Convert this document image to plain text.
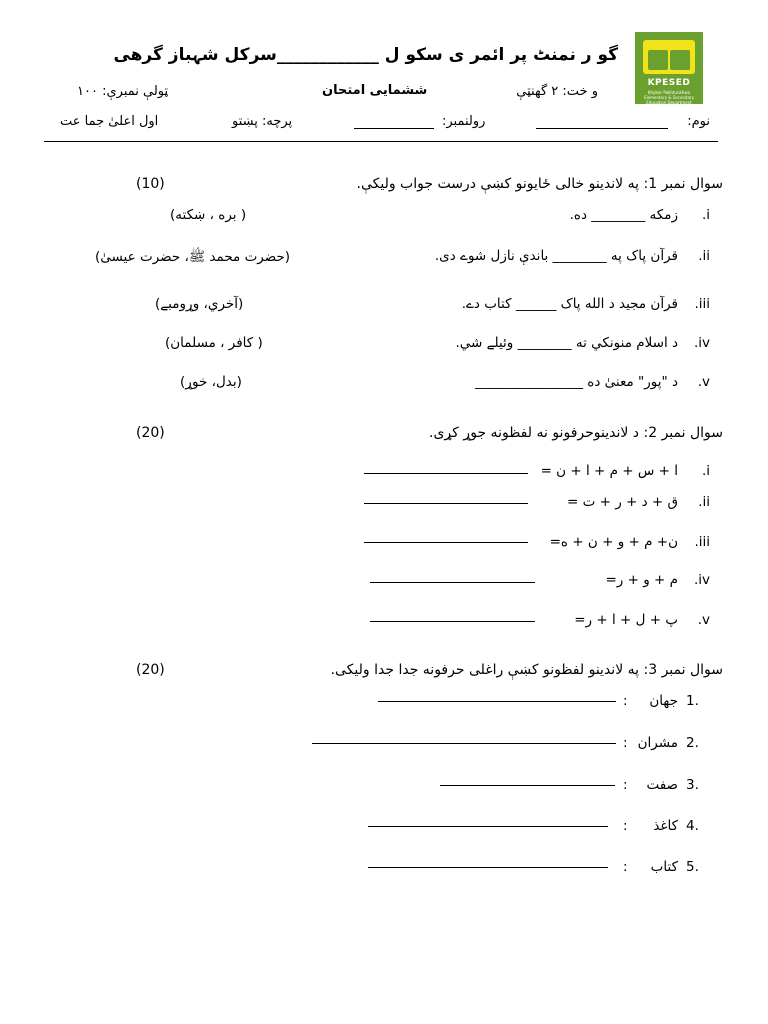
گو ر نمنٹ پر ائمر ی سکو ل ____________سرکل شہباز گرھی
KPESED
Khyber Pakhtunkhwa Elementary & Secondary Education Department
و خت: ۲ گهنټې
ششمایی امتحان
ټولې نمبرې: ۱۰۰
نوم:
رولنمبر:
پرچه: پښتو
اول اعلیٰ جما عت
سوال نمبر 1: په لاندینو خالی ځایونو کښې درست جواب ولیکې.
(10)
.i
زمکه ________ ده.
( بره ، ښکته)
.ii
قرآن پاک په ________ باندې نازل شوے دی.
(حضرت محمد ﷺ، حضرت عیسیٰ)
.iii
قرآن مجید د الله پاک ______ کتاب دے.
(آخري، وړومبے)
.iv
د اسلام منونکي ته ________ وئیلے شي.
( کافر ، مسلمان)
.v
د "پور" معنیٰ ده ________________
(بدل، خوړ)
سوال نمبر 2: د لاندینوحرفونو نه لفظونه جوړ کړی.
(20)
.i
ا + س + م + ا + ن =
.ii
ق + د + ر + ت =
.iii
ن+ م + و + ن + ه=
.iv
م + و + ر=
.v
پ + ل + ا + ر=
سوال نمبر 3: په لاندینو لفظونو کښې راغلی حرفونه جدا جدا ولیکی.
(20)
1.
جھان
:
2.
مشران
:
3.
صفت
:
4.
کاغذ
:
5.
کتاب
:
